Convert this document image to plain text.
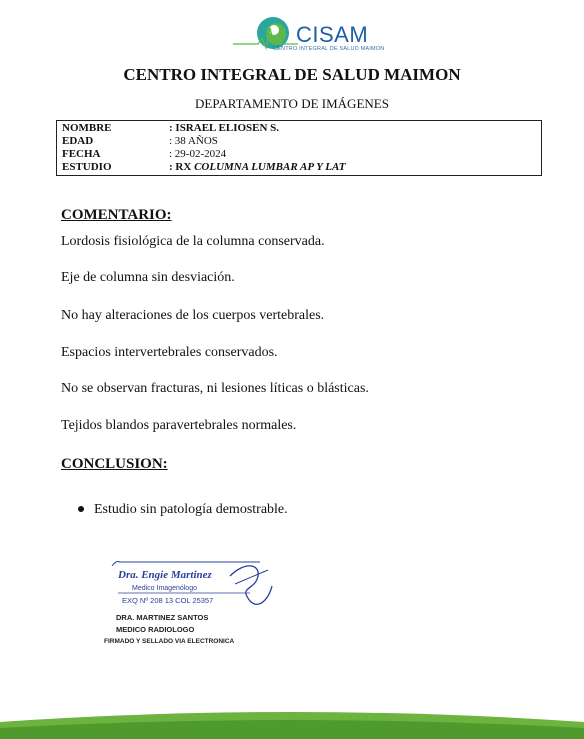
CISAM
CENTRO INTEGRAL DE SALUD MAIMON
CENTRO INTEGRAL DE SALUD MAIMON
DEPARTAMENTO DE IMÁGENES
NOMBRE	: ISRAEL ELIOSEN S.
EDAD	: 38 AÑOS
FECHA	: 29-02-2024
ESTUDIO	: RX COLUMNA LUMBAR AP Y LAT
COMENTARIO:
Lordosis fisiológica de la columna conservada.
Eje de columna sin desviación.
No hay alteraciones de los cuerpos vertebrales.
Espacios intervertebrales conservados.
No se observan fracturas, ni lesiones líticas o blásticas.
Tejidos blandos paravertebrales normales.
CONCLUSION:
Estudio sin patología demostrable.
Dra. Engie Martinez
Medico Imagenólogo
EXQ Nº 208 13 COL 25357
DRA. MARTINEZ SANTOS
MEDICO RADIOLOGO
FIRMADO Y SELLADO VIA ELECTRONICA
